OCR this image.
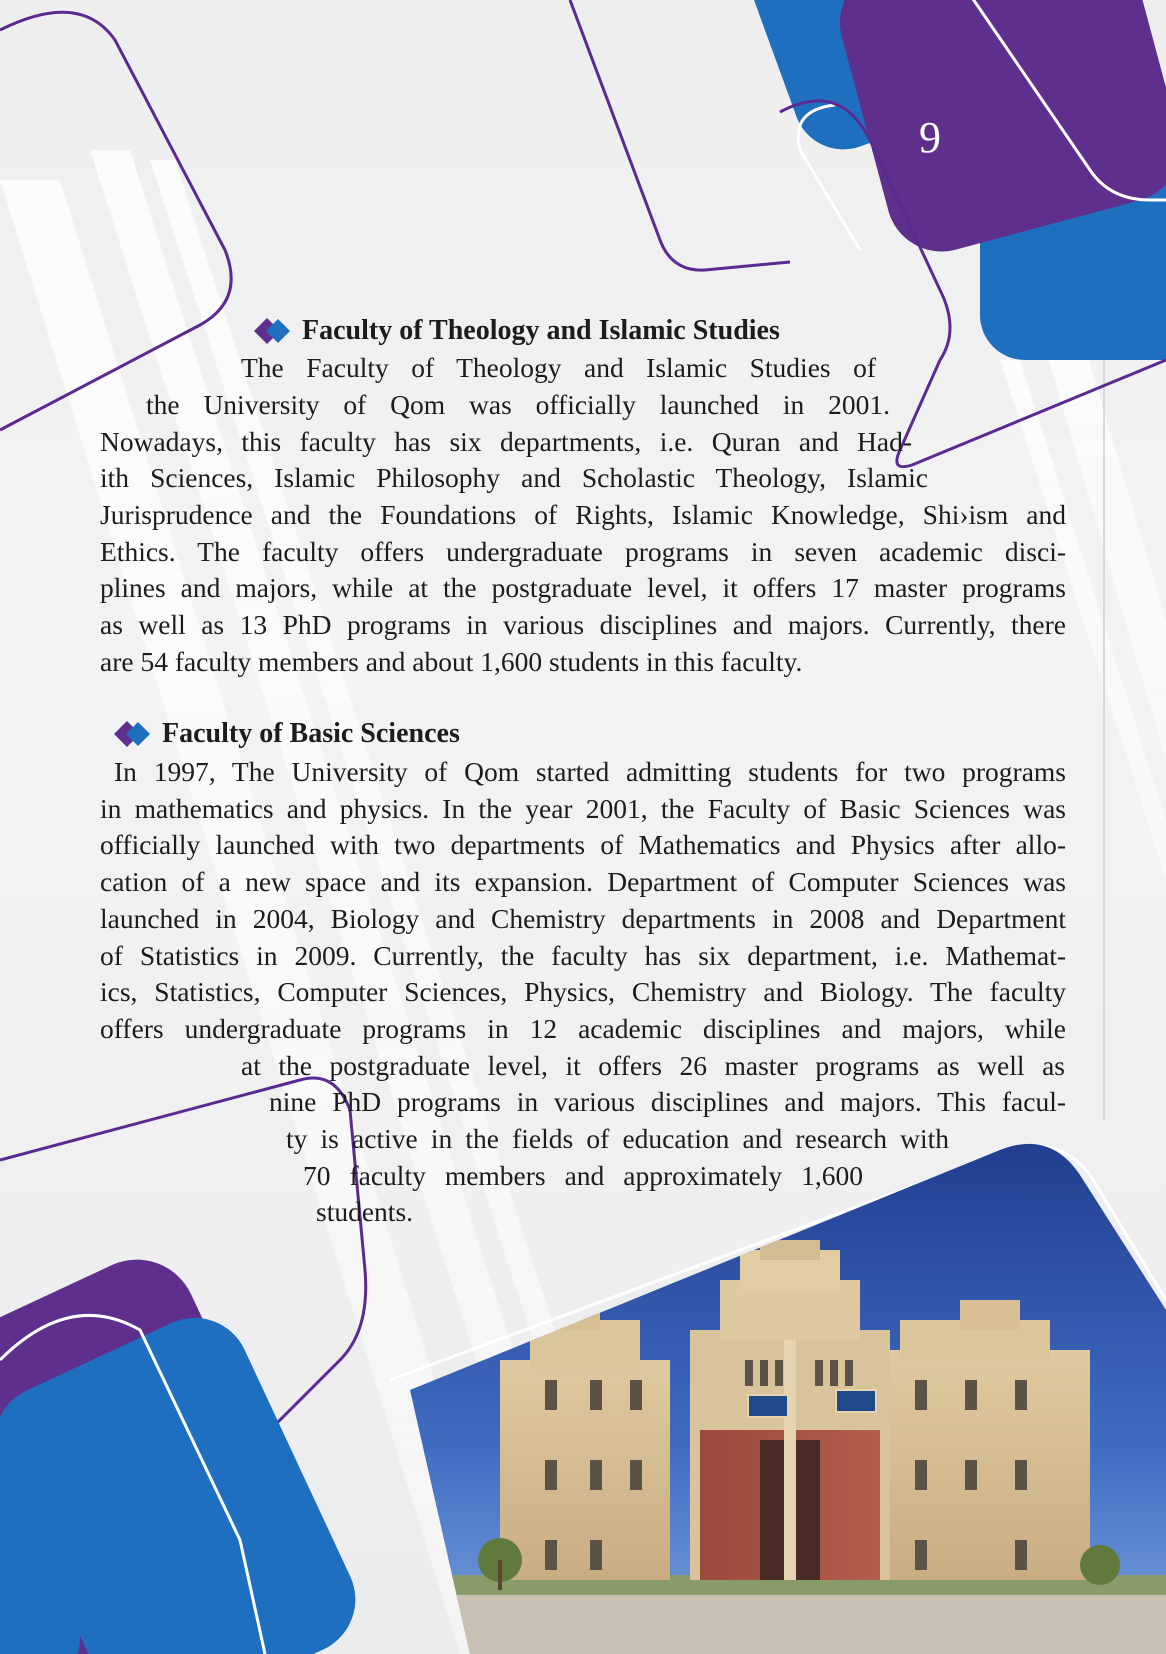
9
Faculty of Theology and Islamic Studies
The Faculty of Theology and Islamic Studies of
the University of Qom was officially launched in 2001.
Nowadays, this faculty has six departments, i.e. Quran and Had-
ith Sciences, Islamic Philosophy and Scholastic Theology, Islamic
Jurisprudence and the Foundations of Rights, Islamic Knowledge, Shi›ism and
Ethics. The faculty offers undergraduate programs in seven academic disci-
plines and majors, while at the postgraduate level, it offers 17 master programs
as well as 13 PhD programs in various disciplines and majors. Currently, there
are 54 faculty members and about 1,600 students in this faculty.
Faculty of Basic Sciences
In 1997, The University of Qom started admitting students for two programs
in mathematics and physics. In the year 2001, the Faculty of Basic Sciences was
officially launched with two departments of Mathematics and Physics after allo-
cation of a new space and its expansion. Department of Computer Sciences was
launched in 2004, Biology and Chemistry departments in 2008 and Department
of Statistics in 2009. Currently, the faculty has six department, i.e. Mathemat-
ics, Statistics, Computer Sciences, Physics, Chemistry and Biology. The faculty
offers undergraduate programs in 12 academic disciplines and majors, while
at the postgraduate level, it offers 26 master programs as well as
nine PhD programs in various disciplines and majors. This facul-
ty is active in the fields of education and research with
70 faculty members and approximately 1,600
students.
